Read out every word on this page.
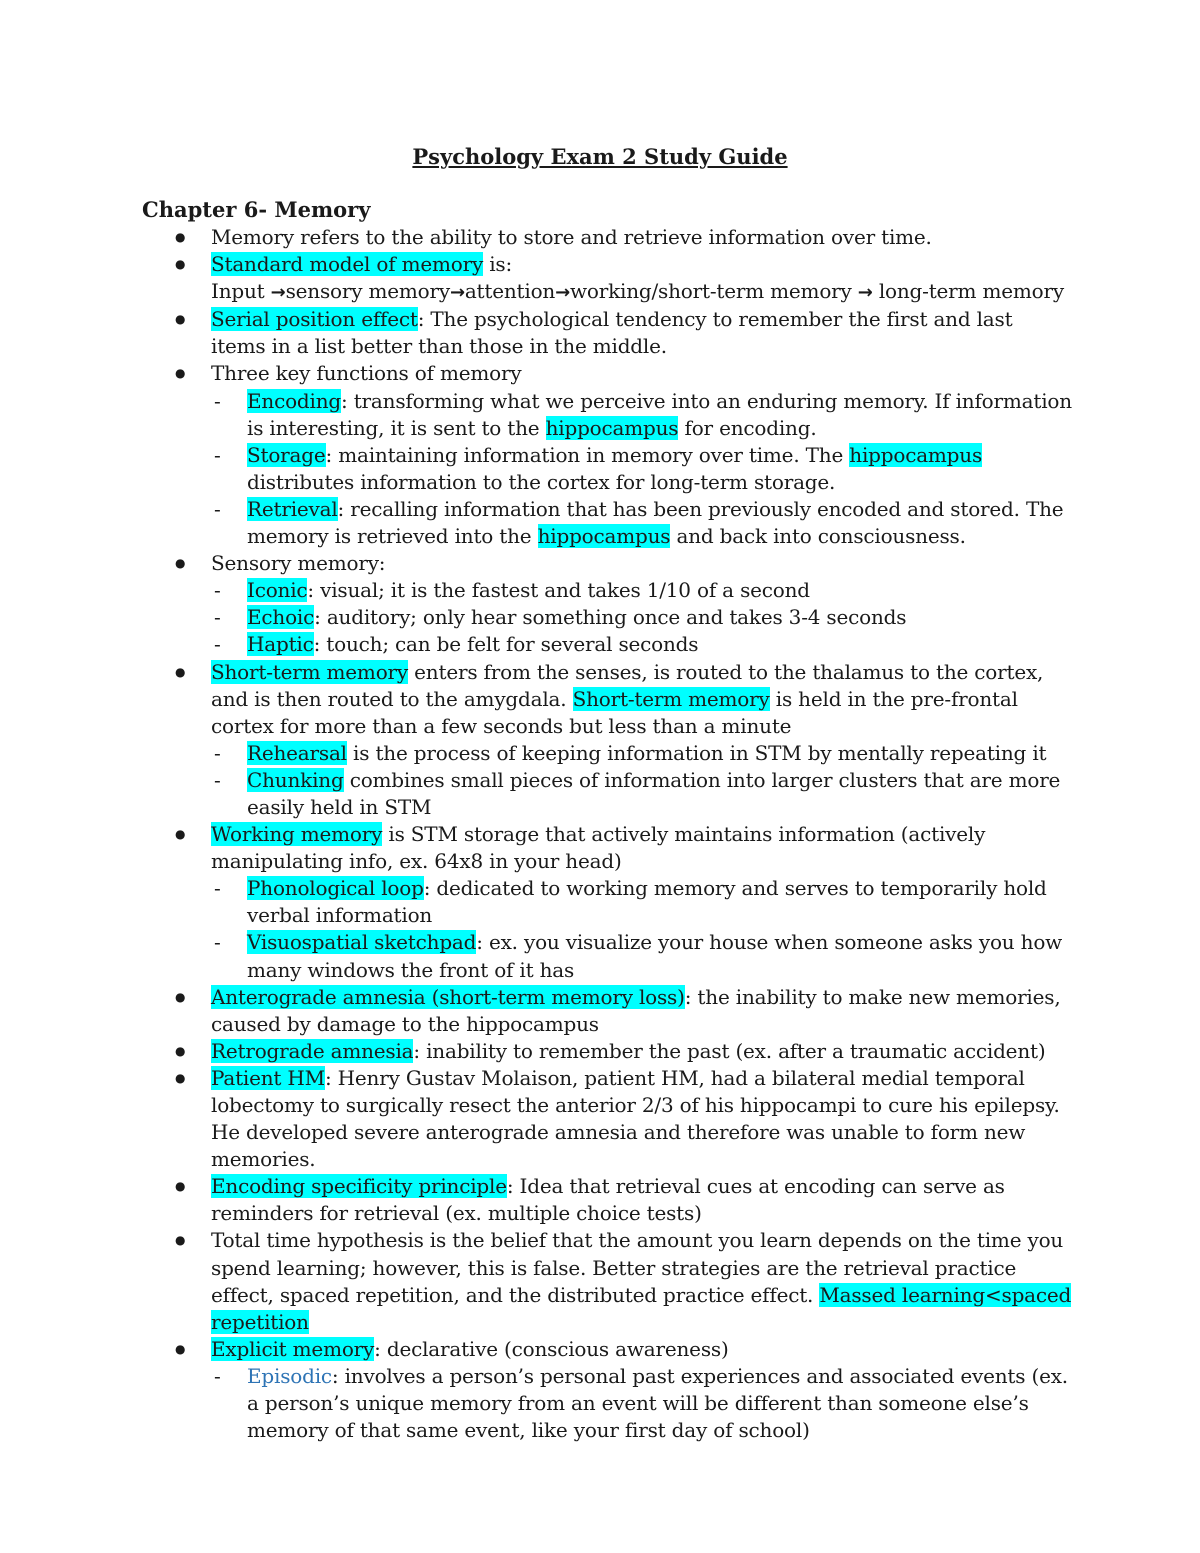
Psychology Exam 2 Study Guide
Chapter 6- Memory
● Memory refers to the ability to store and retrieve information over time.
● Standard model of memory is:
Input →sensory memory→attention→working/short-term memory → long-term memory
● Serial position effect: The psychological tendency to remember the first and last items in a list better than those in the middle.
● Three key functions of memory
- Encoding: transforming what we perceive into an enduring memory. If information is interesting, it is sent to the hippocampus for encoding.
- Storage: maintaining information in memory over time. The hippocampus distributes information to the cortex for long-term storage.
- Retrieval: recalling information that has been previously encoded and stored. The memory is retrieved into the hippocampus and back into consciousness.
● Sensory memory:
- Iconic: visual; it is the fastest and takes 1/10 of a second
- Echoic: auditory; only hear something once and takes 3-4 seconds
- Haptic: touch; can be felt for several seconds
● Short-term memory enters from the senses, is routed to the thalamus to the cortex, and is then routed to the amygdala. Short-term memory is held in the pre-frontal cortex for more than a few seconds but less than a minute
- Rehearsal is the process of keeping information in STM by mentally repeating it
- Chunking combines small pieces of information into larger clusters that are more easily held in STM
● Working memory is STM storage that actively maintains information (actively manipulating info, ex. 64x8 in your head)
- Phonological loop: dedicated to working memory and serves to temporarily hold verbal information
- Visuospatial sketchpad: ex. you visualize your house when someone asks you how many windows the front of it has
● Anterograde amnesia (short-term memory loss): the inability to make new memories, caused by damage to the hippocampus
● Retrograde amnesia: inability to remember the past (ex. after a traumatic accident)
● Patient HM: Henry Gustav Molaison, patient HM, had a bilateral medial temporal lobectomy to surgically resect the anterior 2/3 of his hippocampi to cure his epilepsy. He developed severe anterograde amnesia and therefore was unable to form new memories.
● Encoding specificity principle: Idea that retrieval cues at encoding can serve as reminders for retrieval (ex. multiple choice tests)
● Total time hypothesis is the belief that the amount you learn depends on the time you spend learning; however, this is false. Better strategies are the retrieval practice effect, spaced repetition, and the distributed practice effect. Massed learning<spaced repetition
● Explicit memory: declarative (conscious awareness)
- Episodic: involves a person’s personal past experiences and associated events (ex. a person’s unique memory from an event will be different than someone else’s memory of that same event, like your first day of school)
